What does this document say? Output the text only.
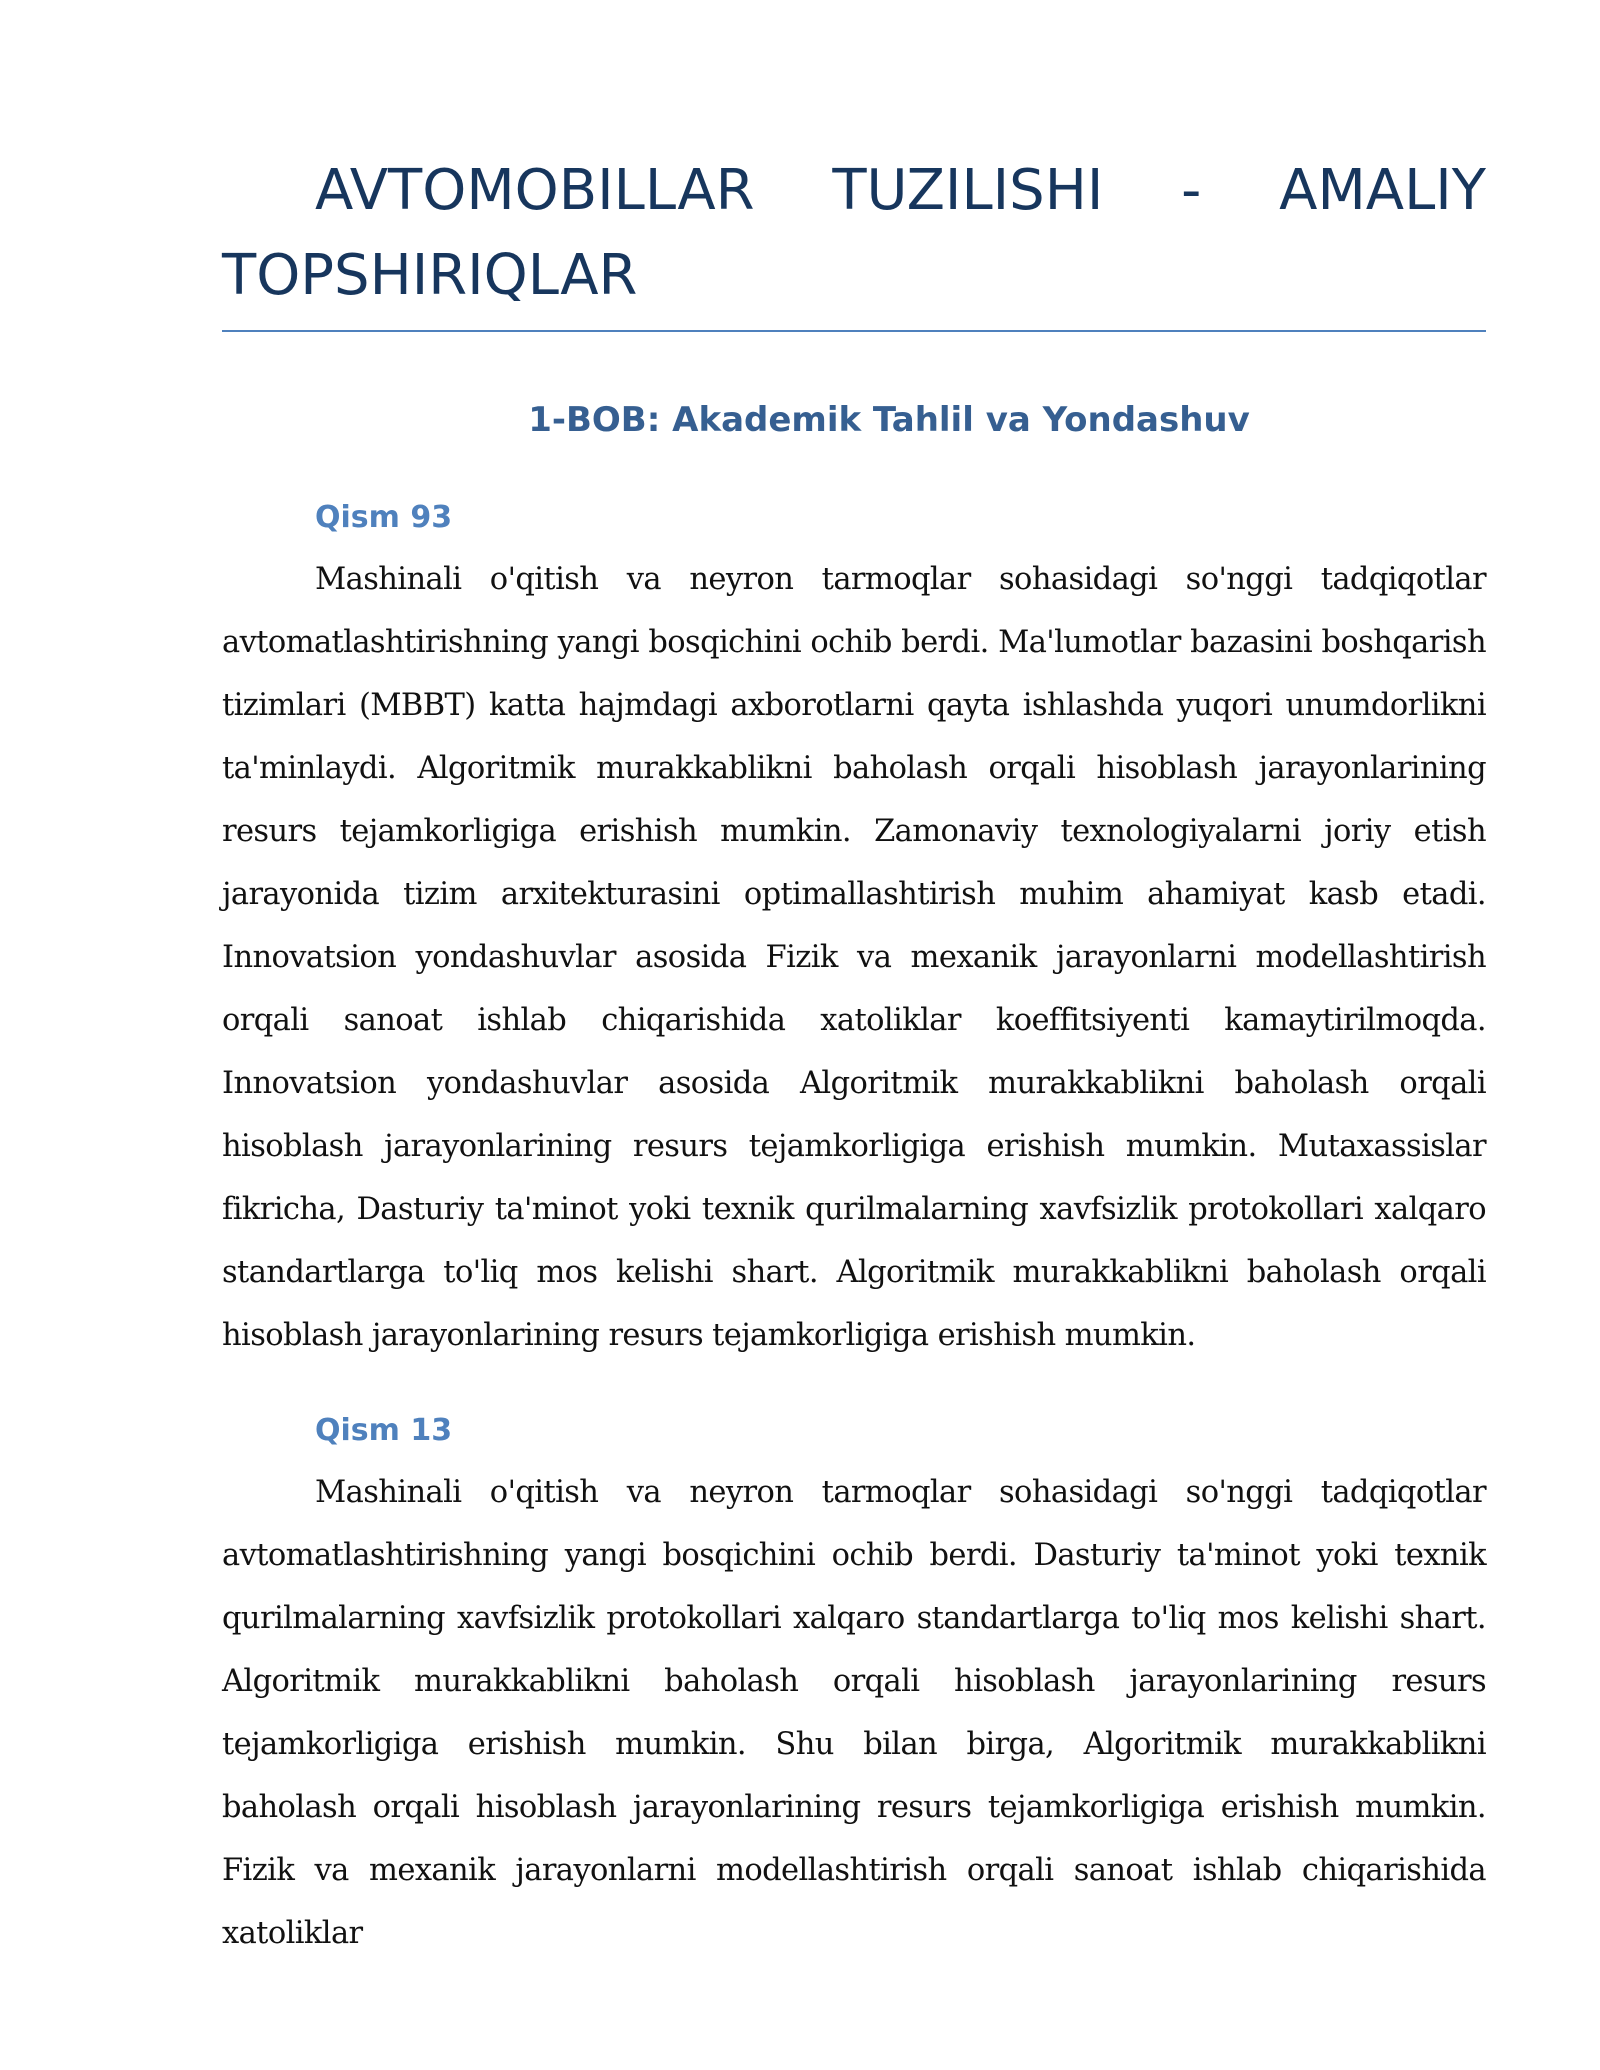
AVTOMOBILLAR TUZILISHI - AMALIY TOPSHIRIQLAR
1-BOB: Akademik Tahlil va Yondashuv
Qism 93

Mashinali o'qitish va neyron tarmoqlar sohasidagi so'nggi tadqiqotlar avtomatlashtirishning yangi bosqichini ochib berdi. Ma'lumotlar bazasini boshqarish tizimlari (MBBT) katta hajmdagi axborotlarni qayta ishlashda yuqori unumdorlikni ta'minlaydi. Algoritmik murakkablikni baholash orqali hisoblash jarayonlarining resurs tejamkorligiga erishish mumkin. Zamonaviy texnologiyalarni joriy etish jarayonida tizim arxitekturasini optimallashtirish muhim ahamiyat kasb etadi. Innovatsion yondashuvlar asosida Fizik va mexanik jarayonlarni modellashtirish orqali sanoat ishlab chiqarishida xatoliklar koeffitsiyenti kamaytirilmoqda. Innovatsion yondashuvlar asosida Algoritmik murakkablikni baholash orqali hisoblash jarayonlarining resurs tejamkorligiga erishish mumkin. Mutaxassislar fikricha, Dasturiy ta'minot yoki texnik qurilmalarning xavfsizlik protokollari xalqaro standartlarga to'liq mos kelishi shart. Algoritmik murakkablikni baholash orqali hisoblash jarayonlarining resurs tejamkorligiga erishish mumkin.

Qism 13

Mashinali o'qitish va neyron tarmoqlar sohasidagi so'nggi tadqiqotlar avtomatlashtirishning yangi bosqichini ochib berdi. Dasturiy ta'minot yoki texnik qurilmalarning xavfsizlik protokollari xalqaro standartlarga to'liq mos kelishi shart. Algoritmik murakkablikni baholash orqali hisoblash jarayonlarining resurs tejamkorligiga erishish mumkin. Shu bilan birga, Algoritmik murakkablikni baholash orqali hisoblash jarayonlarining resurs tejamkorligiga erishish mumkin. Fizik va mexanik jarayonlarni modellashtirish orqali sanoat ishlab chiqarishida xatoliklar
